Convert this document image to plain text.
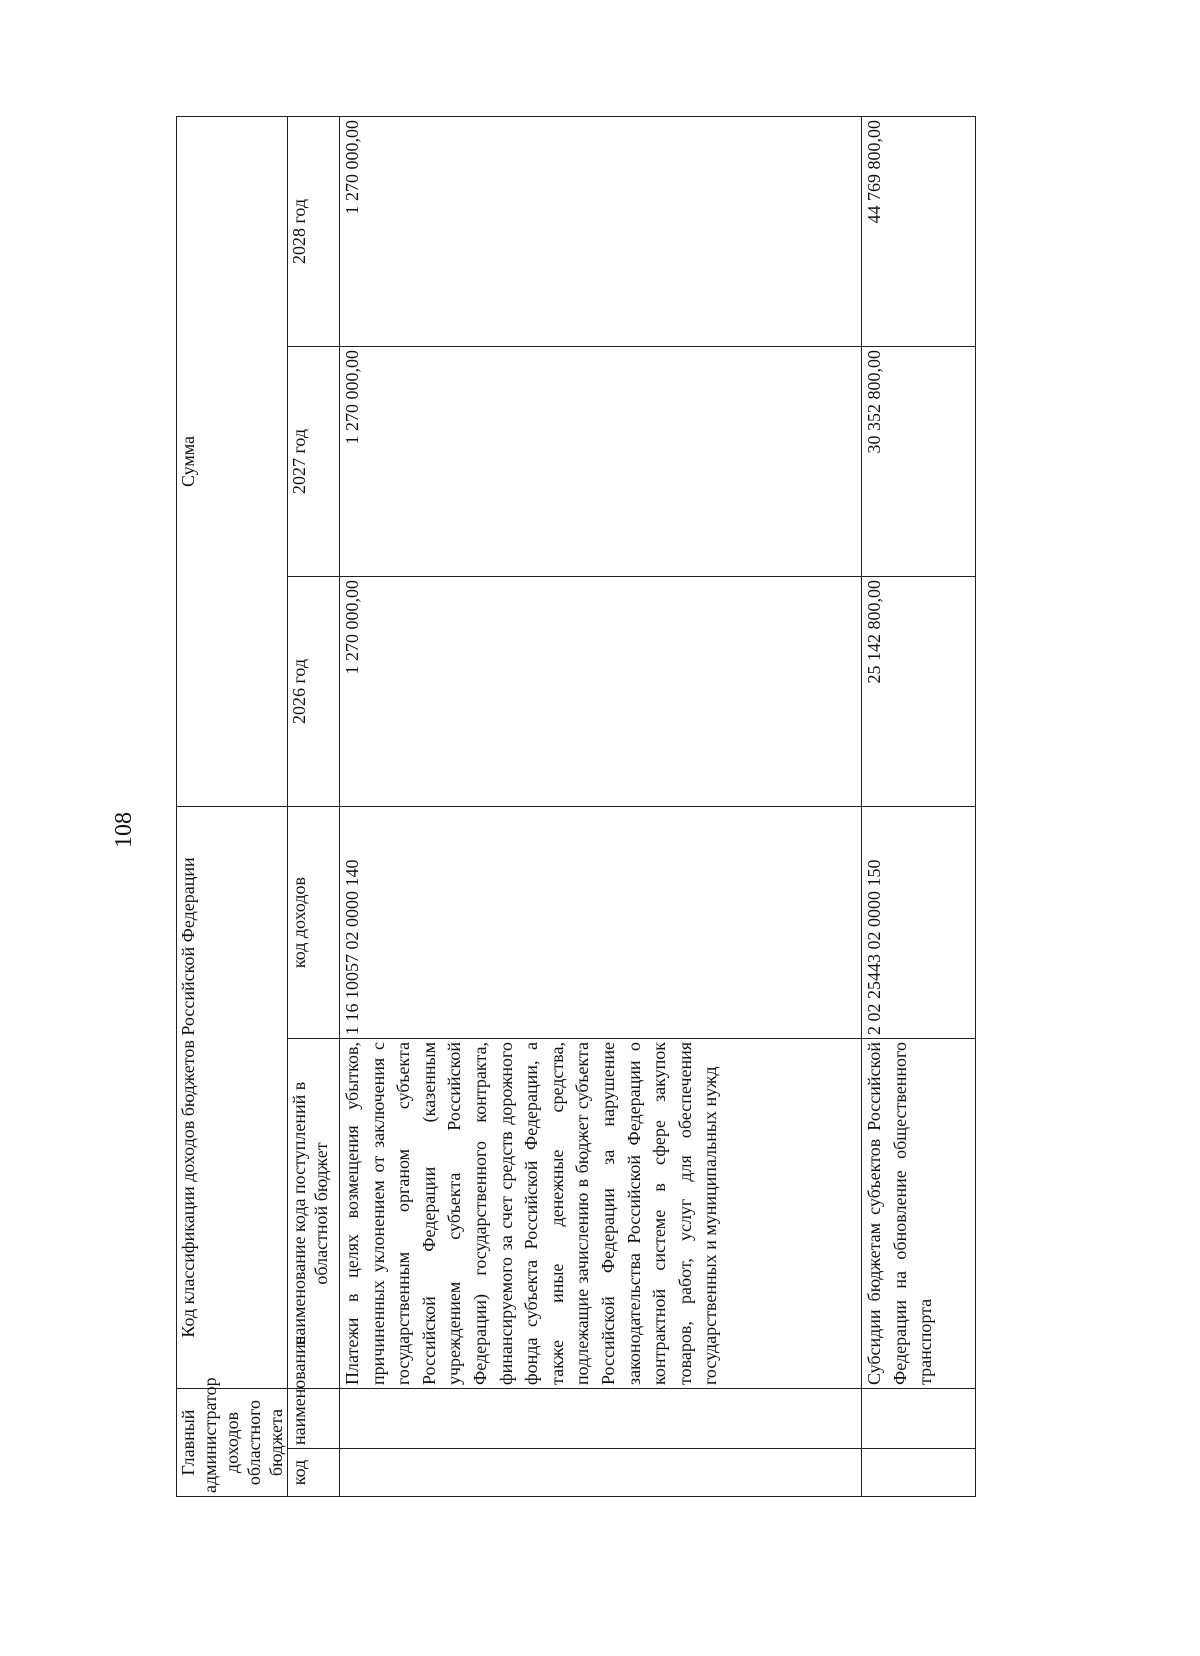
108
Главный администратор доходов областного бюджета		Код классификации доходов бюджетов Российской Федерации		Сумма		
код	наименование	наименование кода поступлений в областной бюджет	код доходов	2026 год	2027 год	2028 год
		Платежи в целях возмещения убытков, причиненных уклонением от заключения с государственным органом субъекта Российской Федерации (казенным учреждением субъекта Российской Федерации) государственного контракта, финансируемого за счет средств дорожного фонда субъекта Российской Федерации, а также иные денежные средства, подлежащие зачислению в бюджет субъекта Российской Федерации за нарушение законодательства Российской Федерации о контрактной системе в сфере закупок товаров, работ, услуг для обеспечения государственных и муниципальных нужд	1 16 10057 02 0000 140	1 270 000,00	1 270 000,00	1 270 000,00
		Субсидии бюджетам субъектов Российской Федерации на обновление общественного транспорта	2 02 25443 02 0000 150	25 142 800,00	30 352 800,00	44 769 800,00
